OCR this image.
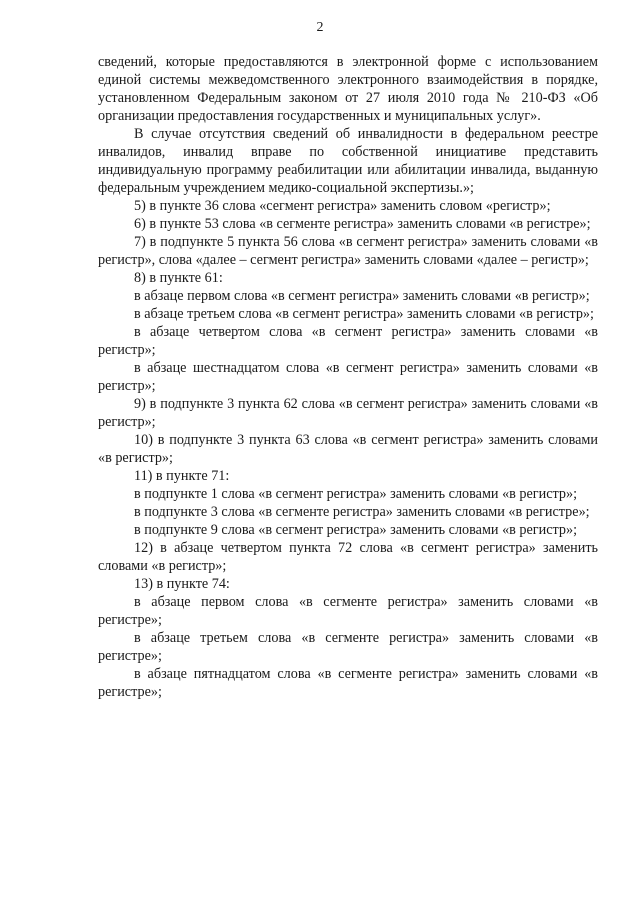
2

сведений, которые предоставляются в электронной форме с использованием единой системы межведомственного электронного взаимодействия в порядке, установленном Федеральным законом от 27 июля 2010 года № 210-ФЗ «Об организации предоставления государственных и муниципальных услуг».

В случае отсутствия сведений об инвалидности в федеральном реестре инвалидов, инвалид вправе по собственной инициативе представить индивидуальную программу реабилитации или абилитации инвалида, выданную федеральным учреждением медико-социальной экспертизы.»;

5) в пункте 36 слова «сегмент регистра» заменить словом «регистр»;

6) в пункте 53 слова «в сегменте регистра» заменить словами «в регистре»;

7) в подпункте 5 пункта 56 слова «в сегмент регистра» заменить словами «в регистр», слова «далее – сегмент регистра» заменить словами «далее – регистр»;

8) в пункте 61:

в абзаце первом слова «в сегмент регистра» заменить словами «в регистр»;

в абзаце третьем слова «в сегмент регистра» заменить словами «в регистр»;

в абзаце четвертом слова «в сегмент регистра» заменить словами «в регистр»;

в абзаце шестнадцатом слова «в сегмент регистра» заменить словами «в регистр»;

9) в подпункте 3 пункта 62 слова «в сегмент регистра» заменить словами «в регистр»;

10) в подпункте 3 пункта 63 слова «в сегмент регистра» заменить словами «в регистр»;

11) в пункте 71:

в подпункте 1 слова «в сегмент регистра» заменить словами «в регистр»;

в подпункте 3 слова «в сегменте регистра» заменить словами «в регистре»;

в подпункте 9 слова «в сегмент регистра» заменить словами «в регистр»;

12) в абзаце четвертом пункта 72 слова «в сегмент регистра» заменить словами «в регистр»;

13) в пункте 74:

в абзаце первом слова «в сегменте регистра» заменить словами «в регистре»;

в абзаце третьем слова «в сегменте регистра» заменить словами «в регистре»;

в абзаце пятнадцатом слова «в сегменте регистра» заменить словами «в регистре»;
